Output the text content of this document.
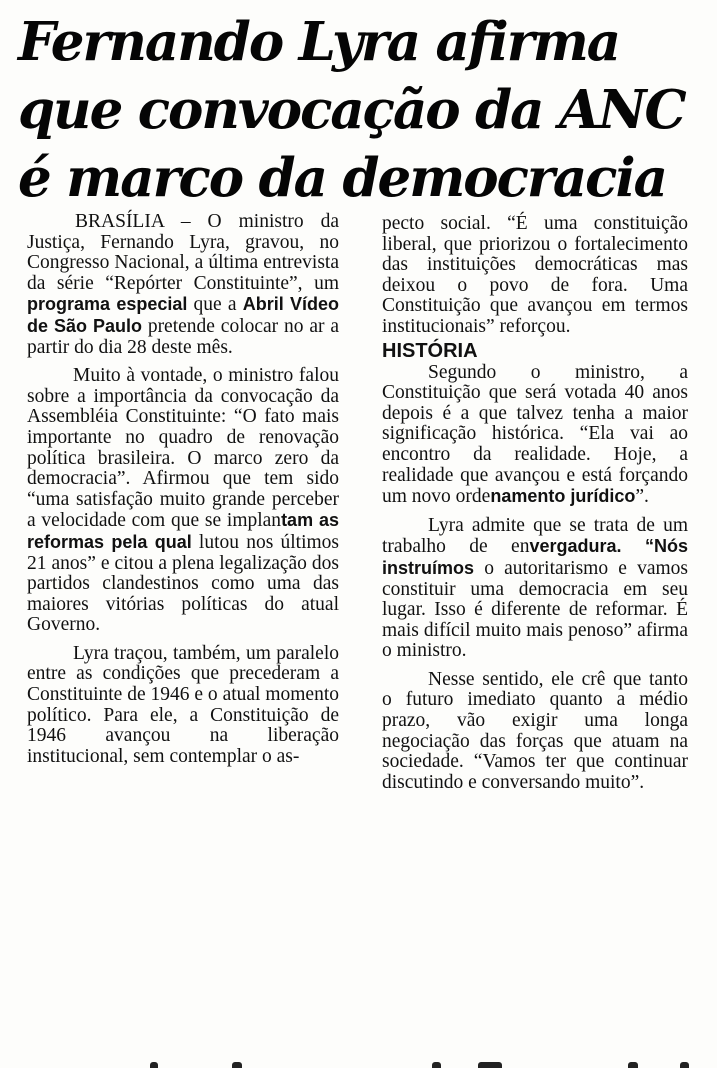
Fernando Lyra afirma
que convocação da ANC
é marco da democracia

BRASÍLIA – O ministro da Justiça, Fernando Lyra, gravou, no Congresso Nacional, a última entrevista da série “Repórter Constituinte”, um programa especial que a Abril Vídeo de São Paulo pretende colocar no ar a partir do dia 28 deste mês.

Muito à vontade, o ministro falou sobre a importância da convocação da Assembléia Constituinte: “O fato mais importante no quadro de renovação política brasileira. O marco zero da democracia”. Afirmou que tem sido “uma satisfação muito grande perceber a velocidade com que se implantam as reformas pela qual lutou nos últimos 21 anos” e citou a plena legalização dos partidos clandestinos como uma das maiores vitórias políticas do atual Governo.

Lyra traçou, também, um paralelo entre as condições que precederam a Constituinte de 1946 e o atual momento político. Para ele, a Constituição de 1946 avançou na liberação institucional, sem contemplar o as-

pecto social. “É uma constituição liberal, que priorizou o fortalecimento das instituições democráticas mas deixou o povo de fora. Uma Constituição que avançou em termos institucionais” reforçou.

HISTÓRIA

Segundo o ministro, a Constituição que será votada 40 anos depois é a que talvez tenha a maior significação histórica. “Ela vai ao encontro da realidade. Hoje, a realidade que avançou e está forçando um novo ordenamento jurídico”.

Lyra admite que se trata de um trabalho de envergadura. “Nós instruímos o autoritarismo e vamos constituir uma democracia em seu lugar. Isso é diferente de reformar. É mais difícil muito mais penoso” afirma o ministro.

Nesse sentido, ele crê que tanto o futuro imediato quanto a médio prazo, vão exigir uma longa negociação das forças que atuam na sociedade. “Vamos ter que continuar discutindo e conversando muito”.
